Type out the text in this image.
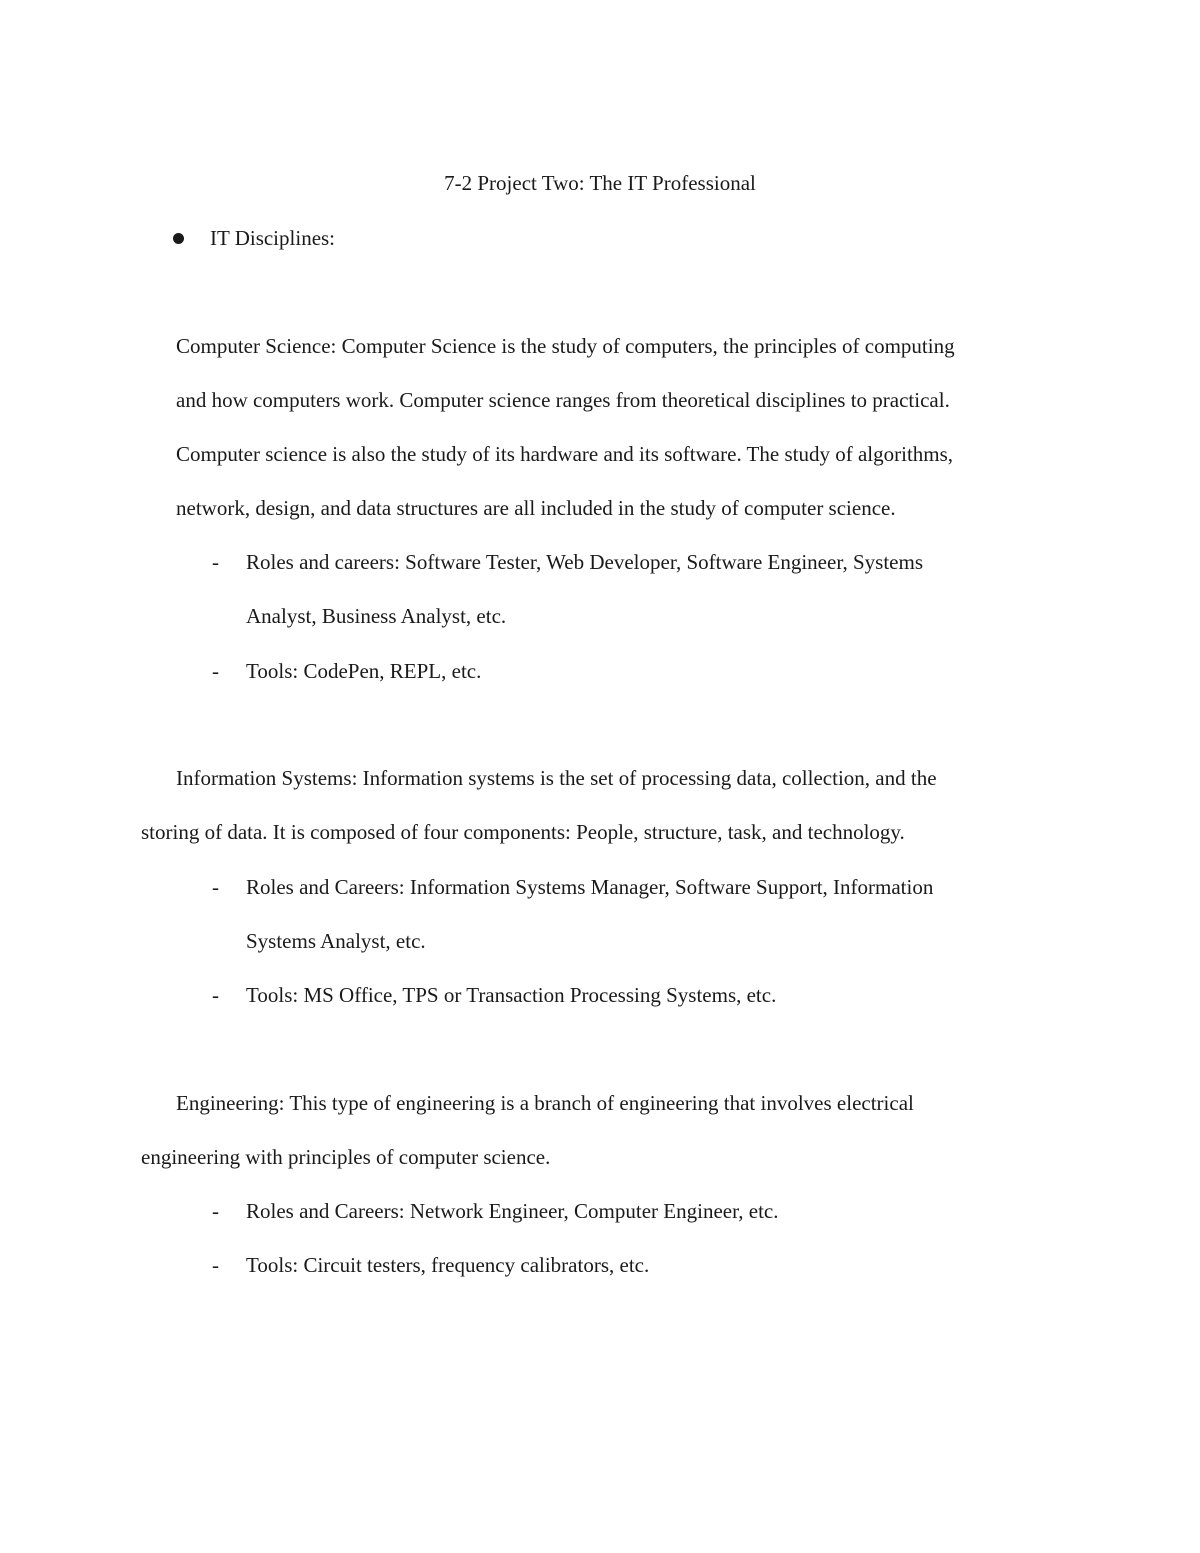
7-2 Project Two: The IT Professional
IT Disciplines:
Computer Science: Computer Science is the study of computers, the principles of computing
and how computers work. Computer science ranges from theoretical disciplines to practical.
Computer science is also the study of its hardware and its software. The study of algorithms,
network, design, and data structures are all included in the study of computer science.
- Roles and careers: Software Tester, Web Developer, Software Engineer, Systems
Analyst, Business Analyst, etc.
- Tools: CodePen, REPL, etc.
Information Systems: Information systems is the set of processing data, collection, and the
storing of data. It is composed of four components: People, structure, task, and technology.
- Roles and Careers: Information Systems Manager, Software Support, Information
Systems Analyst, etc.
- Tools: MS Office, TPS or Transaction Processing Systems, etc.
Engineering: This type of engineering is a branch of engineering that involves electrical
engineering with principles of computer science.
- Roles and Careers: Network Engineer, Computer Engineer, etc.
- Tools: Circuit testers, frequency calibrators, etc.
